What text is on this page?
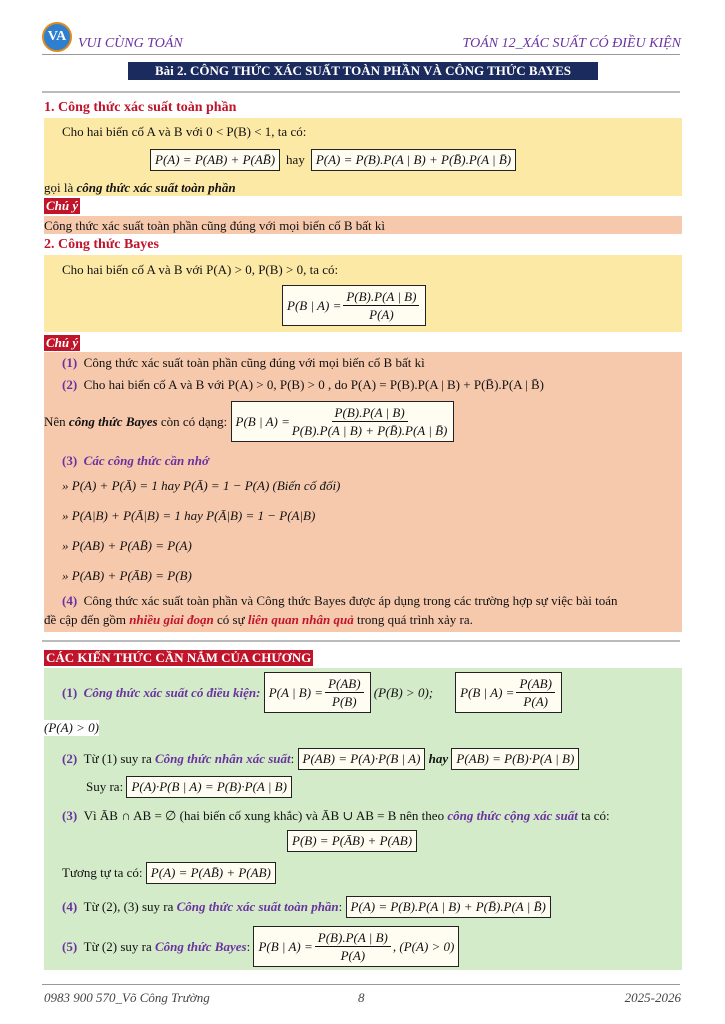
VA VUI CÙNG TOÁN	TOÁN 12_XÁC SUẤT CÓ ĐIỀU KIỆN
Bài 2. CÔNG THỨC XÁC SUẤT TOÀN PHẦN VÀ CÔNG THỨC BAYES
1. Công thức xác suất toàn phần
Cho hai biến cố A và B với 0 < P(B) < 1, ta có:
P(A) = P(AB) + P(AB̄) hay P(A) = P(B).P(A | B) + P(B̄).P(A | B̄)
gọi là
công thức xác suất toàn phần
Chú ý
Công thức xác suất toàn phần cũng đúng với mọi biến cố B bất kì
2. Công thức Bayes
Cho hai biến cố A và B với P(A) > 0, P(B) > 0, ta có:
P(B | $A) = \frac{P(B).P(A | B)}{P(A)}$
Chú ý
(1)
Công thức xác suất toàn phần cũng đúng với mọi biến cố B bất kì
(2)
Cho hai biến cố A và B với P(A) > 0, P(B) > 0 , do P(A) = P(B).P(A | B) + P(B̄).P(A | B̄)
Nên
công thức Bayes
còn có dạng:
P(B | $A) = \frac{P(B).P(A | B)}{P(B).P(A | B) + P(B̄).P(A | B̄)}$
(3)
Các công thức cần nhớ
» P(A) + P(Ā) = 1 hay P(Ā) = 1 − P(A) (Biến cố đối)
» P(A|B) + P(Ā|B) = 1 hay P(Ā|B) = 1 − P(A|B)
» P(AB) + P(AB̄) = P(A)
» P(AB) + P(ĀB) = P(B)
(4)
Công thức xác suất toàn phần và Công thức Bayes được áp dụng trong các trường hợp sự việc bài toán
đề cập đến gồm
nhiều giai đoạn
có sự
liên quan nhân quả
trong quá trình xảy ra.
CÁC KIẾN THỨC CẦN NẮM CỦA CHƯƠNG
(1)
Công thức xác suất có điều kiện:
P(A | $B) = \frac{P(AB)}{P(B)}$
(P(B) > 0); P(B | $A) = \frac{P(AB)}{P(A)}$
(P(A) > 0)
(2)
Từ (1) suy ra
Công thức nhân xác suất : P(AB) = P(A)·P(B | A)
hay
P(AB) = P(B)·P(A | B)
Suy ra:
P(A)·P(B | A) = P(B)·P(A | B)
(3)
Vì ĀB ∩ AB = ∅ (hai biến cố xung khắc) và ĀB ∪ AB = B nên theo
công thức cộng xác suất
ta có:
P(B) = P(ĀB) + P(AB)
Tương tự ta có:
P(A) = P(AB̄) + P(AB)
(4)
Từ (2), (3) suy ra
Công thức xác suất toàn phần : P(A) = P(B).P(A | B) + P(B̄).P(A | B̄)
(5)
Từ (2) suy ra
Công thức Bayes : P(B | $A) = \frac{P(B).P(A | B)}{P(A)}$ , (P(A) > 0)
0983 900 570_Võ Công Trường	8	2025-2026
